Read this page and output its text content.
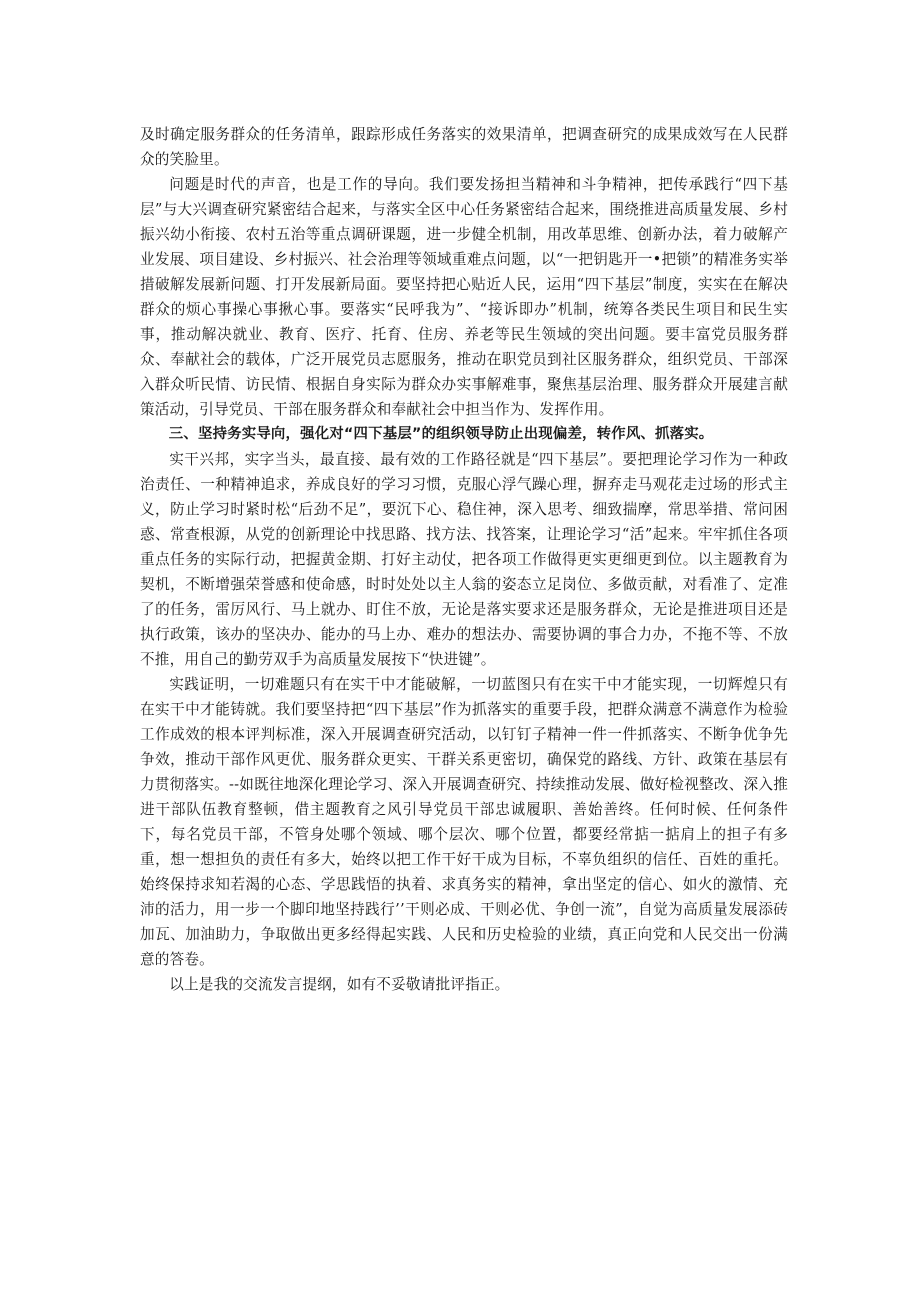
及时确定服务群众的任务清单，跟踪形成任务落实的效果清单，把调查研究的成果成效写在人民群众的笑脸里。

问题是时代的声音，也是工作的导向。我们要发扬担当精神和斗争精神，把传承践行“四下基层”与大兴调查研究紧密结合起来，与落实全区中心任务紧密结合起来，围绕推进高质量发展、乡村振兴幼小衔接、农村五治等重点调研课题，进一步健全机制，用改革思维、创新办法，着力破解产业发展、项目建设、乡村振兴、社会治理等领域重难点问题，以“一把钥匙开一•把锁”的精准务实举措破解发展新问题、打开发展新局面。要坚持把心贴近人民，运用“四下基层”制度，实实在在解决群众的烦心事操心事揪心事。要落实“民呼我为”、“接诉即办”机制，统筹各类民生项目和民生实事，推动解决就业、教育、医疗、托育、住房、养老等民生领域的突出问题。要丰富党员服务群众、奉献社会的载体，广泛开展党员志愿服务，推动在职党员到社区服务群众，组织党员、干部深入群众听民情、访民情、根据自身实际为群众办实事解难事，聚焦基层治理、服务群众开展建言献策活动，引导党员、干部在服务群众和奉献社会中担当作为、发挥作用。

三、坚持务实导向，强化对“四下基层”的组织领导防止出现偏差，转作风、抓落实。

实干兴邦，实字当头，最直接、最有效的工作路径就是“四下基层”。要把理论学习作为一种政治责任、一种精神追求，养成良好的学习习惯，克服心浮气躁心理，摒弃走马观花走过场的形式主义，防止学习时紧时松“后劲不足”，要沉下心、稳住神，深入思考、细致揣摩，常思举措、常问困惑、常查根源，从党的创新理论中找思路、找方法、找答案，让理论学习“活”起来。牢牢抓住各项重点任务的实际行动，把握黄金期、打好主动仗，把各项工作做得更实更细更到位。以主题教育为契机，不断增强荣誉感和使命感，时时处处以主人翁的姿态立足岗位、多做贡献，对看准了、定准了的任务，雷厉风行、马上就办、盯住不放，无论是落实要求还是服务群众，无论是推进项目还是执行政策，该办的坚决办、能办的马上办、难办的想法办、需要协调的事合力办，不拖不等、不放不推，用自己的勤劳双手为高质量发展按下“快进键”。

实践证明，一切难题只有在实干中才能破解，一切蓝图只有在实干中才能实现，一切辉煌只有在实干中才能铸就。我们要坚持把“四下基层”作为抓落实的重要手段，把群众满意不满意作为检验工作成效的根本评判标准，深入开展调查研究活动，以钉钉子精神一件一件抓落实、不断争优争先争效，推动干部作风更优、服务群众更实、干群关系更密切，确保党的路线、方针、政策在基层有力贯彻落实。--如既往地深化理论学习、深入开展调查研究、持续推动发展、做好检视整改、深入推进干部队伍教育整顿，借主题教育之风引导党员干部忠诚履职、善始善终。任何时候、任何条件下，每名党员干部，不管身处哪个领域、哪个层次、哪个位置，都要经常掂一掂肩上的担子有多重，想一想担负的责任有多大，始终以把工作干好干成为目标，不辜负组织的信任、百姓的重托。始终保持求知若渴的心态、学思践悟的执着、求真务实的精神，拿出坚定的信心、如火的激情、充沛的活力，用一步一个脚印地坚持践行’’干则必成、干则必优、争创一流”，自觉为高质量发展添砖加瓦、加油助力，争取做出更多经得起实践、人民和历史检验的业绩，真正向党和人民交出一份满意的答卷。

以上是我的交流发言提纲，如有不妥敬请批评指正。
